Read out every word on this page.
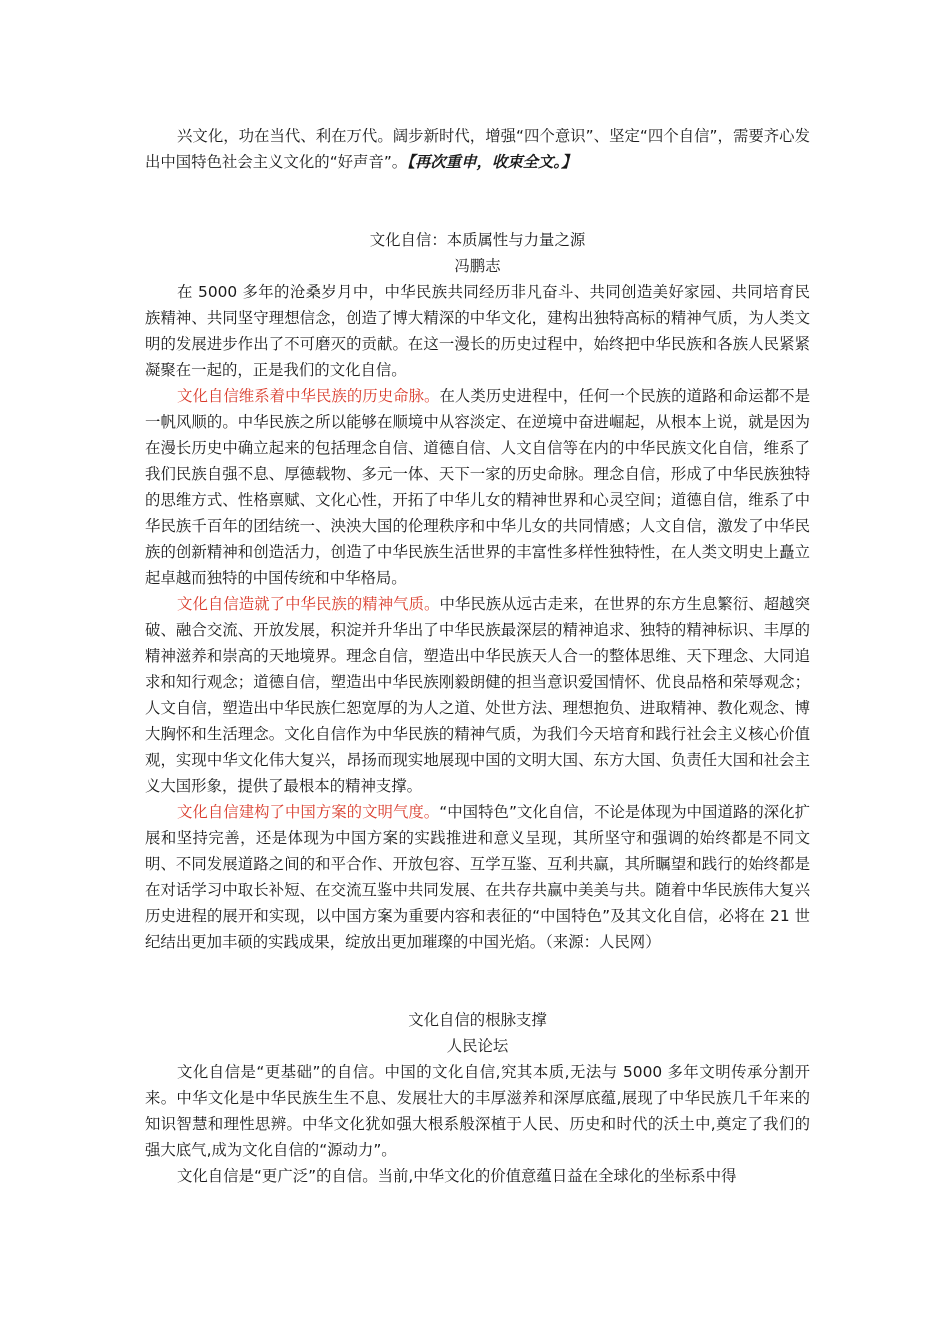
兴文化，功在当代、利在万代。阔步新时代，增强“四个意识”、坚定“四个自信”，需要齐心发出中国特色社会主义文化的“好声音”。【再次重申，收束全文。】

文化自信：本质属性与力量之源

冯鹏志

在 5000 多年的沧桑岁月中，中华民族共同经历非凡奋斗、共同创造美好家园、共同培育民族精神、共同坚守理想信念，创造了博大精深的中华文化，建构出独特高标的精神气质，为人类文明的发展进步作出了不可磨灭的贡献。在这一漫长的历史过程中，始终把中华民族和各族人民紧紧凝聚在一起的，正是我们的文化自信。

文化自信维系着中华民族的历史命脉。在人类历史进程中，任何一个民族的道路和命运都不是一帆风顺的。中华民族之所以能够在顺境中从容淡定、在逆境中奋进崛起，从根本上说，就是因为在漫长历史中确立起来的包括理念自信、道德自信、人文自信等在内的中华民族文化自信，维系了我们民族自强不息、厚德载物、多元一体、天下一家的历史命脉。理念自信，形成了中华民族独特的思维方式、性格禀赋、文化心性，开拓了中华儿女的精神世界和心灵空间；道德自信，维系了中华民族千百年的团结统一、泱泱大国的伦理秩序和中华儿女的共同情感；人文自信，激发了中华民族的创新精神和创造活力，创造了中华民族生活世界的丰富性多样性独特性，在人类文明史上矗立起卓越而独特的中国传统和中华格局。

文化自信造就了中华民族的精神气质。中华民族从远古走来，在世界的东方生息繁衍、超越突破、融合交流、开放发展，积淀并升华出了中华民族最深层的精神追求、独特的精神标识、丰厚的精神滋养和崇高的天地境界。理念自信，塑造出中华民族天人合一的整体思维、天下理念、大同追求和知行观念；道德自信，塑造出中华民族刚毅朗健的担当意识爱国情怀、优良品格和荣辱观念；人文自信，塑造出中华民族仁恕宽厚的为人之道、处世方法、理想抱负、进取精神、教化观念、博大胸怀和生活理念。文化自信作为中华民族的精神气质，为我们今天培育和践行社会主义核心价值观，实现中华文化伟大复兴，昂扬而现实地展现中国的文明大国、东方大国、负责任大国和社会主义大国形象，提供了最根本的精神支撑。

文化自信建构了中国方案的文明气度。“中国特色”文化自信，不论是体现为中国道路的深化扩展和坚持完善，还是体现为中国方案的实践推进和意义呈现，其所坚守和强调的始终都是不同文明、不同发展道路之间的和平合作、开放包容、互学互鉴、互利共赢，其所瞩望和践行的始终都是在对话学习中取长补短、在交流互鉴中共同发展、在共存共赢中美美与共。随着中华民族伟大复兴历史进程的展开和实现，以中国方案为重要内容和表征的“中国特色”及其文化自信，必将在 21 世纪结出更加丰硕的实践成果，绽放出更加璀璨的中国光焰。（来源：人民网）

文化自信的根脉支撑

人民论坛

文化自信是“更基础”的自信。中国的文化自信,究其本质,无法与 5000 多年文明传承分割开来。中华文化是中华民族生生不息、发展壮大的丰厚滋养和深厚底蕴,展现了中华民族几千年来的知识智慧和理性思辨。中华文化犹如强大根系般深植于人民、历史和时代的沃土中,奠定了我们的强大底气,成为文化自信的“源动力”。

文化自信是“更广泛”的自信。当前,中华文化的价值意蕴日益在全球化的坐标系中得
